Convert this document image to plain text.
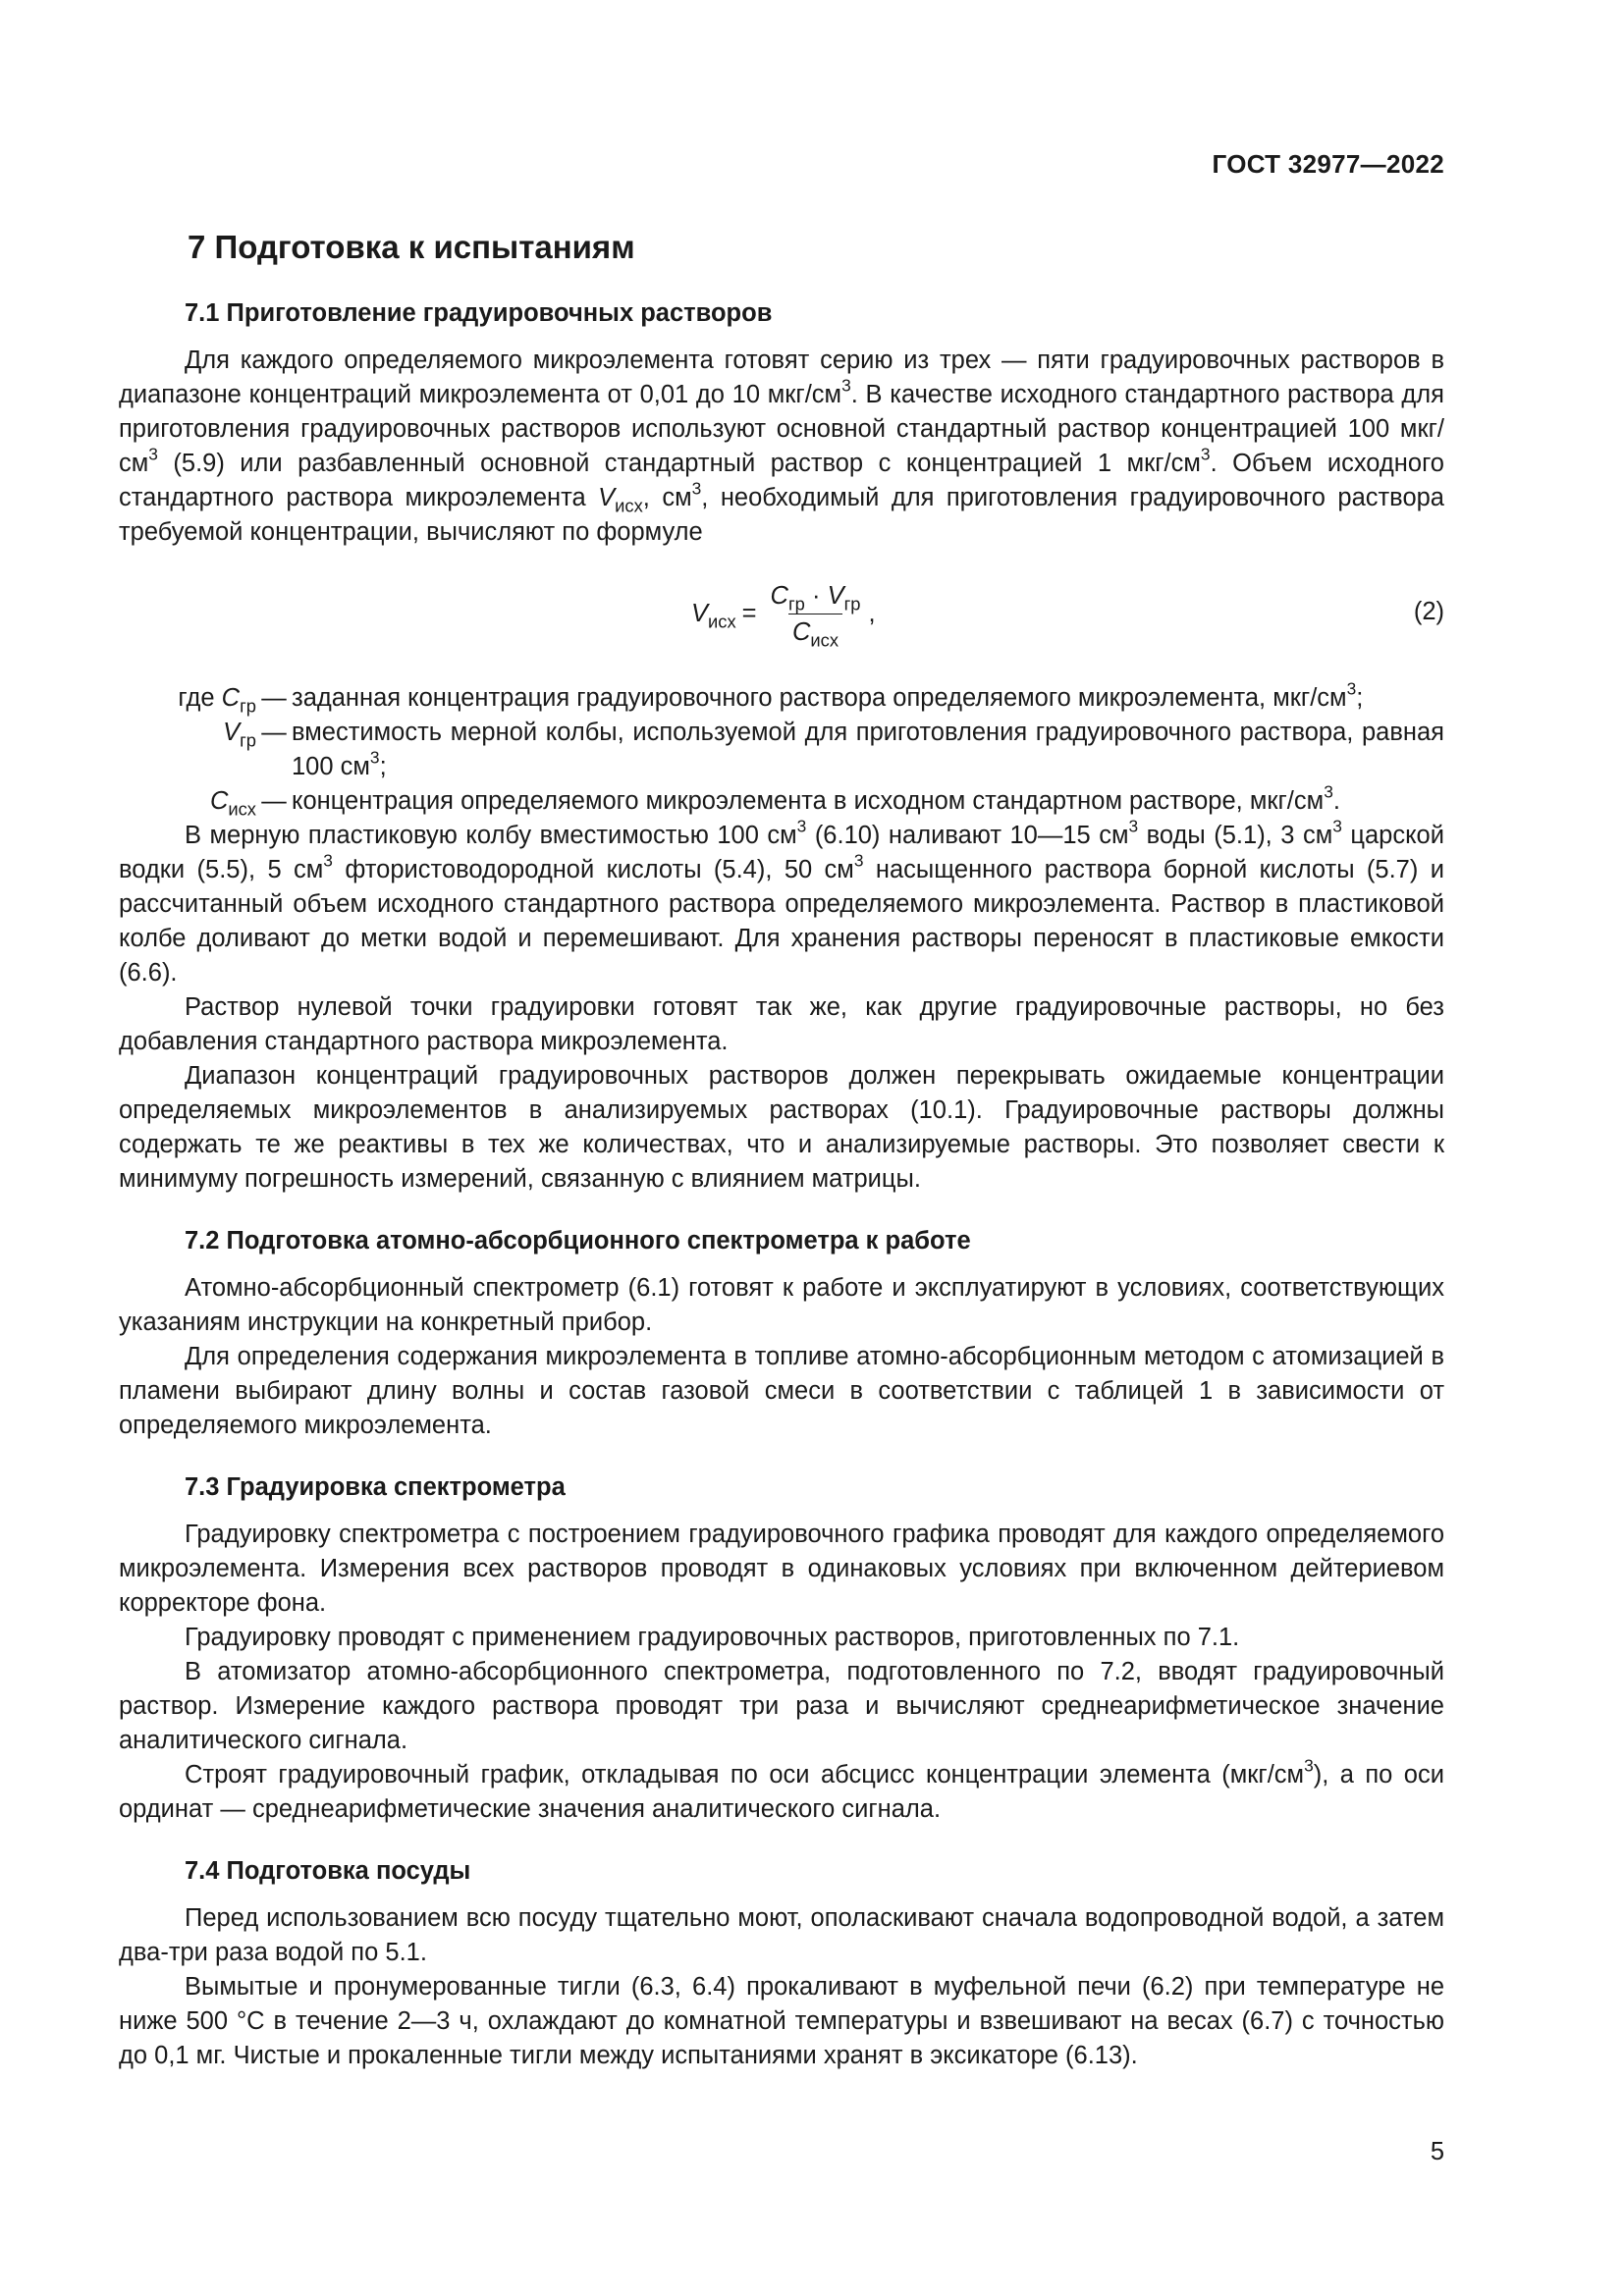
ГОСТ 32977—2022
7 Подготовка к испытаниям
7.1 Приготовление градуировочных растворов

Для каждого определяемого микроэлемента готовят серию из трех — пяти градуировочных растворов в диапазоне концентраций микроэлемента от 0,01 до 10 мкг/$см^3$. В качестве исходного стандартного раствора для приготовления градуировочных растворов используют основной стандартный раствор концентрацией 100 мкг/$см^3$ (5.9) или разбавленный основной стандартный раствор с концентрацией 1 мкг/$см^3$. Объем исходного стандартного раствора микроэлемента $V_{исх}$, $см^3$, необходимый для приготовления градуировочного раствора требуемой концентрации, вычисляют по формуле

$V_{исх} = \frac{C_{гр} \cdot V_{гр}}{C_{исх}}$ ,	(2)
где $C_{гр}$ — заданная концентрация градуировочного раствора определяемого микроэлемента, мкг/$см^3$;
$V_{гр}$ — вместимость мерной колбы, используемой для приготовления градуировочного раствора, равная 100 $см^3$;
$C_{исх}$ — концентрация определяемого микроэлемента в исходном стандартном растворе, мкг/$см^3$.

В мерную пластиковую колбу вместимостью 100 $см^3$ (6.10) наливают 10—15 $см^3$ воды (5.1), 3 $см^3$ царской водки (5.5), 5 $см^3$ фтористоводородной кислоты (5.4), 50 $см^3$ насыщенного раствора борной кислоты (5.7) и рассчитанный объем исходного стандартного раствора определяемого микроэлемента. Раствор в пластиковой колбе доливают до метки водой и перемешивают. Для хранения растворы переносят в пластиковые емкости (6.6).

Раствор нулевой точки градуировки готовят так же, как другие градуировочные растворы, но без добавления стандартного раствора микроэлемента.

Диапазон концентраций градуировочных растворов должен перекрывать ожидаемые концентрации определяемых микроэлементов в анализируемых растворах (10.1). Градуировочные растворы должны содержать те же реактивы в тех же количествах, что и анализируемые растворы. Это позволяет свести к минимуму погрешность измерений, связанную с влиянием матрицы.

7.2 Подготовка атомно-абсорбционного спектрометра к работе

Атомно-абсорбционный спектрометр (6.1) готовят к работе и эксплуатируют в условиях, соответствующих указаниям инструкции на конкретный прибор.

Для определения содержания микроэлемента в топливе атомно-абсорбционным методом с атомизацией в пламени выбирают длину волны и состав газовой смеси в соответствии с таблицей 1 в зависимости от определяемого микроэлемента.

7.3 Градуировка спектрометра

Градуировку спектрометра с построением градуировочного графика проводят для каждого определяемого микроэлемента. Измерения всех растворов проводят в одинаковых условиях при включенном дейтериевом корректоре фона.

Градуировку проводят с применением градуировочных растворов, приготовленных по 7.1.

В атомизатор атомно-абсорбционного спектрометра, подготовленного по 7.2, вводят градуировочный раствор. Измерение каждого раствора проводят три раза и вычисляют среднеарифметическое значение аналитического сигнала.

Строят градуировочный график, откладывая по оси абсцисс концентрации элемента $(мкг/см^3)$, а по оси ординат — среднеарифметические значения аналитического сигнала.

7.4 Подготовка посуды

Перед использованием всю посуду тщательно моют, ополаскивают сначала водопроводной водой, а затем два-три раза водой по 5.1.

Вымытые и пронумерованные тигли (6.3, 6.4) прокаливают в муфельной печи (6.2) при температуре не ниже 500 °С в течение 2—3 ч, охлаждают до комнатной температуры и взвешивают на весах (6.7) с точностью до 0,1 мг. Чистые и прокаленные тигли между испытаниями хранят в эксикаторе (6.13).

5
